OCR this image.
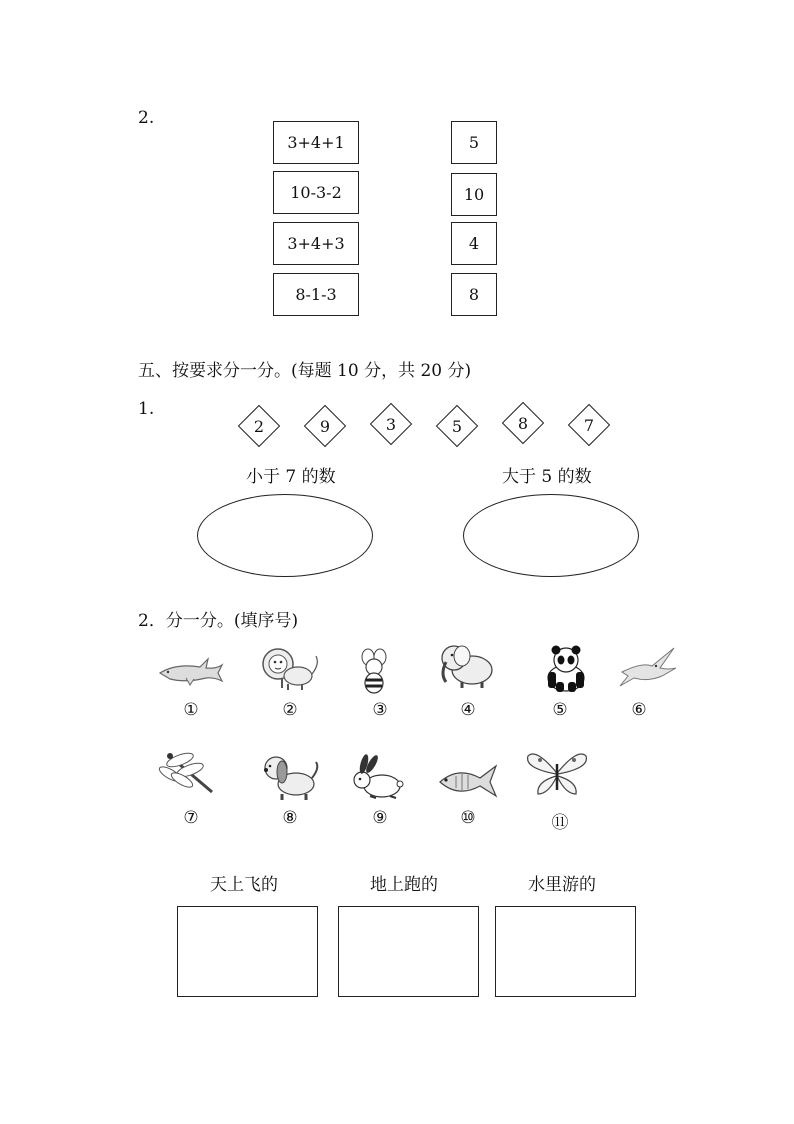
2.
3+4+1
10-3-2
3+4+3
8-1-3
5
10
4
8
五、按要求分一分。(每题 10 分，共 20 分)
1.
2	9	3	5	8	7
小于 7 的数	大于 5 的数
2．分一分。(填序号)
①	②	③	④	⑤	⑥
⑦	⑧	⑨	⑩	⑪
天上飞的	地上跑的	水里游的
